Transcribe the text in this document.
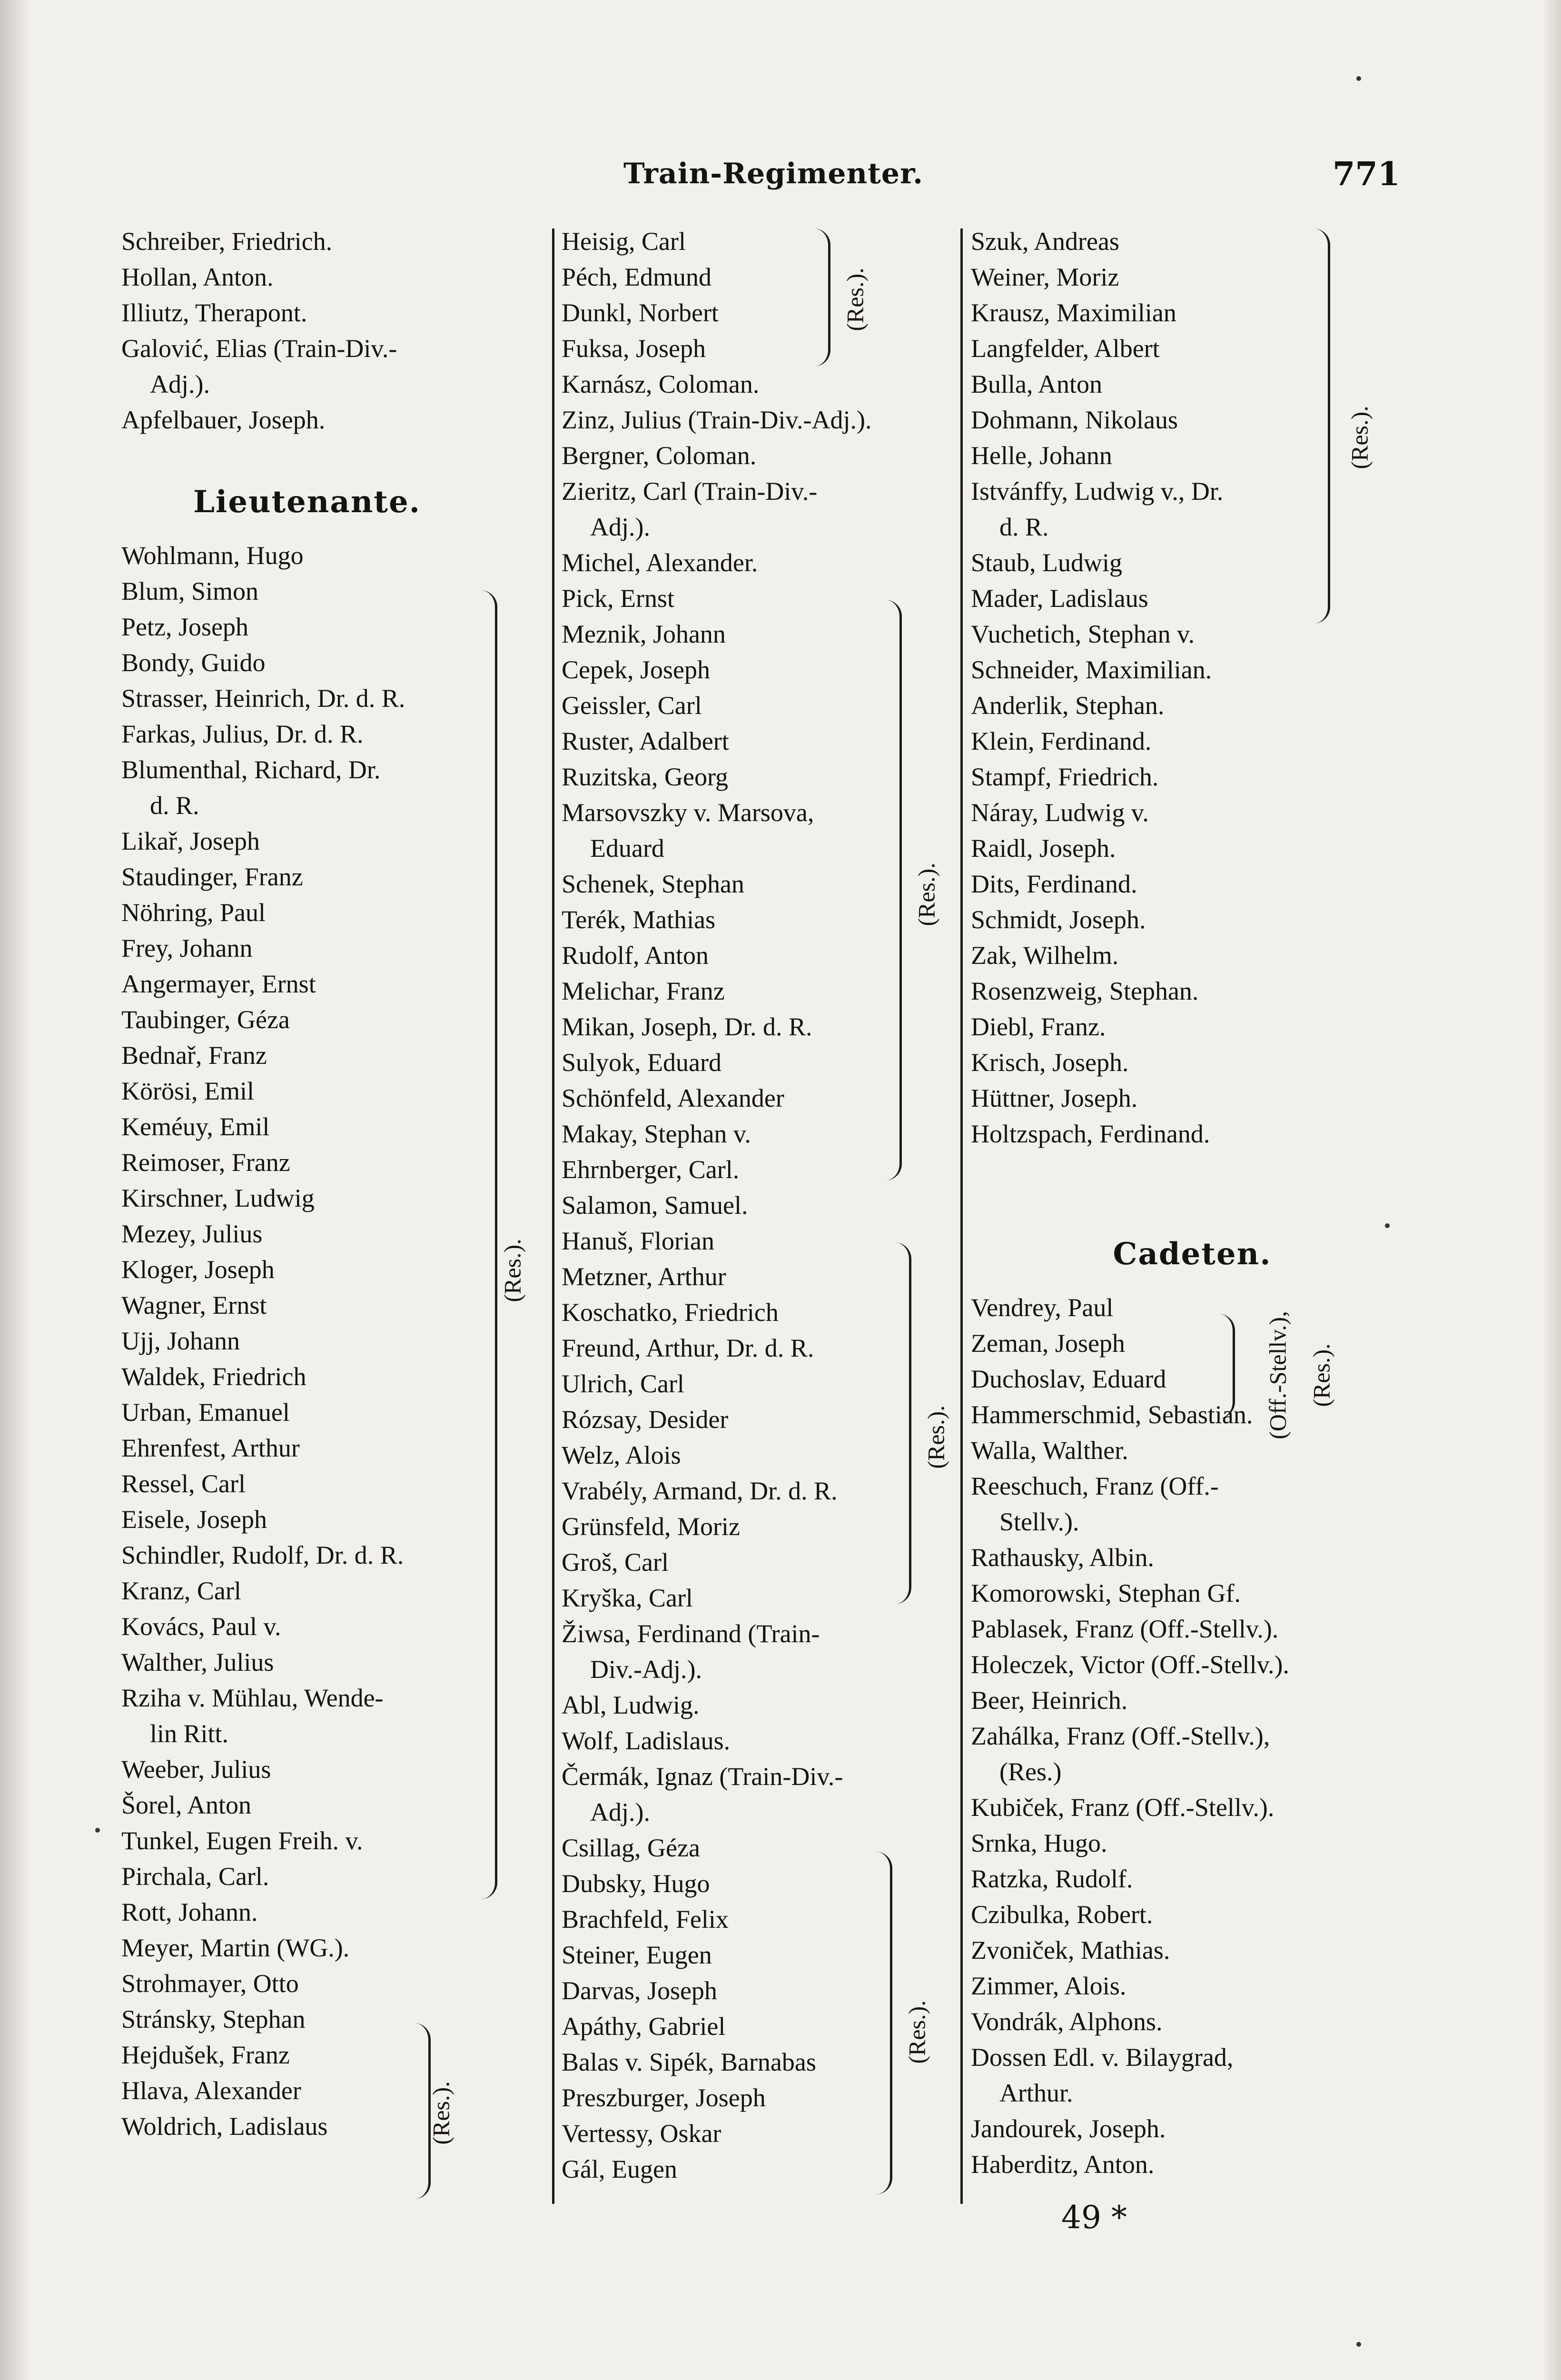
Train-Regimenter.	771
Schreiber, Friedrich.
Hollan, Anton.
Illiutz, Therapont.
Galović, Elias (Train-Div.-
Adj.).
Apfelbauer, Joseph.
Lieutenante.
Wohlmann, Hugo
Blum, Simon
Petz, Joseph
Bondy, Guido
Strasser, Heinrich, Dr. d. R.
Farkas, Julius, Dr. d. R.
Blumenthal, Richard, Dr.
d. R.
Likař, Joseph
Staudinger, Franz
Nöhring, Paul
Frey, Johann
Angermayer, Ernst
Taubinger, Géza
Bednař, Franz
Körösi, Emil
Keméuy, Emil
Reimoser, Franz
Kirschner, Ludwig
Mezey, Julius
Kloger, Joseph
Wagner, Ernst
Ujj, Johann
Waldek, Friedrich
Urban, Emanuel
Ehrenfest, Arthur
Ressel, Carl
Eisele, Joseph
Schindler, Rudolf, Dr. d. R.
Kranz, Carl
Kovács, Paul v.
Walther, Julius
Rziha v. Mühlau, Wende-
lin Ritt.
Weeber, Julius
Šorel, Anton
Tunkel, Eugen Freih. v.
Pirchala, Carl.
Rott, Johann.
Meyer, Martin (WG.).
Strohmayer, Otto
Stránsky, Stephan
Hejdušek, Franz
Hlava, Alexander
Woldrich, Ladislaus
Heisig, Carl
Péch, Edmund
Dunkl, Norbert
Fuksa, Joseph
Karnász, Coloman.
Zinz, Julius (Train-Div.-Adj.).
Bergner, Coloman.
Zieritz, Carl (Train-Div.-
Adj.).
Michel, Alexander.
Pick, Ernst
Meznik, Johann
Cepek, Joseph
Geissler, Carl
Ruster, Adalbert
Ruzitska, Georg
Marsovszky v. Marsova,
Eduard
Schenek, Stephan
Terék, Mathias
Rudolf, Anton
Melichar, Franz
Mikan, Joseph, Dr. d. R.
Sulyok, Eduard
Schönfeld, Alexander
Makay, Stephan v.
Ehrnberger, Carl.
Salamon, Samuel.
Hanuš, Florian
Metzner, Arthur
Koschatko, Friedrich
Freund, Arthur, Dr. d. R.
Ulrich, Carl
Rózsay, Desider
Welz, Alois
Vrabély, Armand, Dr. d. R.
Grünsfeld, Moriz
Groš, Carl
Kryška, Carl
Žiwsa, Ferdinand (Train-
Div.-Adj.).
Abl, Ludwig.
Wolf, Ladislaus.
Čermák, Ignaz (Train-Div.-
Adj.).
Csillag, Géza
Dubsky, Hugo
Brachfeld, Felix
Steiner, Eugen
Darvas, Joseph
Apáthy, Gabriel
Balas v. Sipék, Barnabas
Preszburger, Joseph
Vertessy, Oskar
Gál, Eugen
Szuk, Andreas
Weiner, Moriz
Krausz, Maximilian
Langfelder, Albert
Bulla, Anton
Dohmann, Nikolaus
Helle, Johann
Istvánffy, Ludwig v., Dr.
d. R.
Staub, Ludwig
Mader, Ladislaus
Vuchetich, Stephan v.
Schneider, Maximilian.
Anderlik, Stephan.
Klein, Ferdinand.
Stampf, Friedrich.
Náray, Ludwig v.
Raidl, Joseph.
Dits, Ferdinand.
Schmidt, Joseph.
Zak, Wilhelm.
Rosenzweig, Stephan.
Diebl, Franz.
Krisch, Joseph.
Hüttner, Joseph.
Holtzspach, Ferdinand.
Cadeten.
Vendrey, Paul
Zeman, Joseph
Duchoslav, Eduard
Hammerschmid, Sebastian.
Walla, Walther.
Reeschuch, Franz (Off.-
Stellv.).
Rathausky, Albin.
Komorowski, Stephan Gf.
Pablasek, Franz (Off.-Stellv.).
Holeczek, Victor (Off.-Stellv.).
Beer, Heinrich.
Zahálka, Franz (Off.-Stellv.),
(Res.)
Kubiček, Franz (Off.-Stellv.).
Srnka, Hugo.
Ratzka, Rudolf.
Czibulka, Robert.
Zvoniček, Mathias.
Zimmer, Alois.
Vondrák, Alphons.
Dossen Edl. v. Bilaygrad,
Arthur.
Jandourek, Joseph.
Haberditz, Anton.
(Res.).
(Res.).
(Res.).
(Res.).
(Res.).
(Res.).
(Res.).
(Off.-Stellv.), (Res.).
49 *
